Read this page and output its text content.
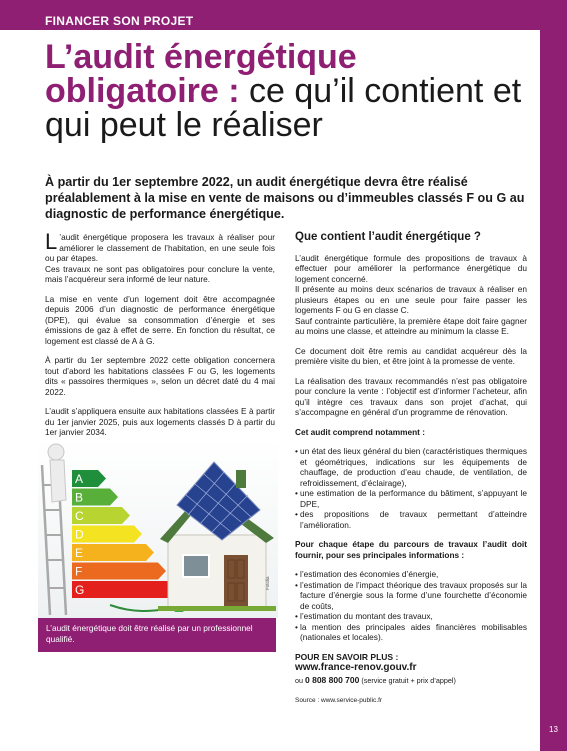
FINANCER SON PROJET
L’audit énergétique obligatoire : ce qu’il contient et qui peut le réaliser
À partir du 1er septembre 2022, un audit énergétique devra être réalisé préalablement à la mise en vente de maisons ou d’immeubles classés F ou G au diagnostic de performance énergétique.

L ’audit énergétique proposera les travaux à réaliser pour améliorer le classement de l’habitation, en une seule fois ou par étapes.
Ces travaux ne sont pas obligatoires pour conclure la vente, mais l’acquéreur sera informé de leur nature.

La mise en vente d’un logement doit être accompagnée depuis 2006 d’un diagnostic de performance énergétique (DPE), qui évalue sa consommation d’énergie et ses émissions de gaz à effet de serre. En fonction du résultat, ce logement est classé de A à G.

À partir du 1er septembre 2022 cette obligation concernera tout d’abord les habitations classées F ou G, les logements dits « passoires thermiques », selon un décret daté du 4 mai 2022.

L’audit s’appliquera ensuite aux habitations classées E à partir du 1er janvier 2025, puis aux logements classés D à partir du 1er janvier 2034.

A
B
C
D
E
F
G	Fotolia
L’audit énergétique doit être réalisé par un professionnel qualifié.

Que contient l’audit énergétique ?

L’audit énergétique formule des propositions de travaux à effectuer pour améliorer la performance énergétique du logement concerné.
Il présente au moins deux scénarios de travaux à réaliser en plusieurs étapes ou en une seule pour faire passer les logements F ou G en classe C.
Sauf contrainte particulière, la première étape doit faire gagner au moins une classe, et atteindre au minimum la classe E.

Ce document doit être remis au candidat acquéreur dès la première visite du bien, et être joint à la promesse de vente.

La réalisation des travaux recommandés n’est pas obligatoire pour conclure la vente : l’objectif est d’informer l’acheteur, afin qu’il intègre ces travaux dans son projet d’achat, qui s’accompagne en général d’un programme de rénovation.

Cet audit comprend notamment :

• un état des lieux général du bien (caractéristiques thermiques et géométriques, indications sur les équipements de chauffage, de production d’eau chaude, de ventilation, de refroidissement, d’éclairage),
• une estimation de la performance du bâtiment, s’appuyant le DPE,
• des propositions de travaux permettant d’atteindre l’amélioration.

Pour chaque étape du parcours de travaux l’audit doit fournir, pour ses principales informations :

• l’estimation des économies d’énergie,
• l’estimation de l’impact théorique des travaux proposés sur la facture d’énergie sous la forme d’une fourchette d’économie de coûts,
• l’estimation du montant des travaux,
• la mention des principales aides financières mobilisables (nationales et locales).

POUR EN SAVOIR PLUS :

www.france-renov.gouv.fr

ou 0 808 800 700 (service gratuit + prix d’appel)

Source : www.service-public.fr

13
